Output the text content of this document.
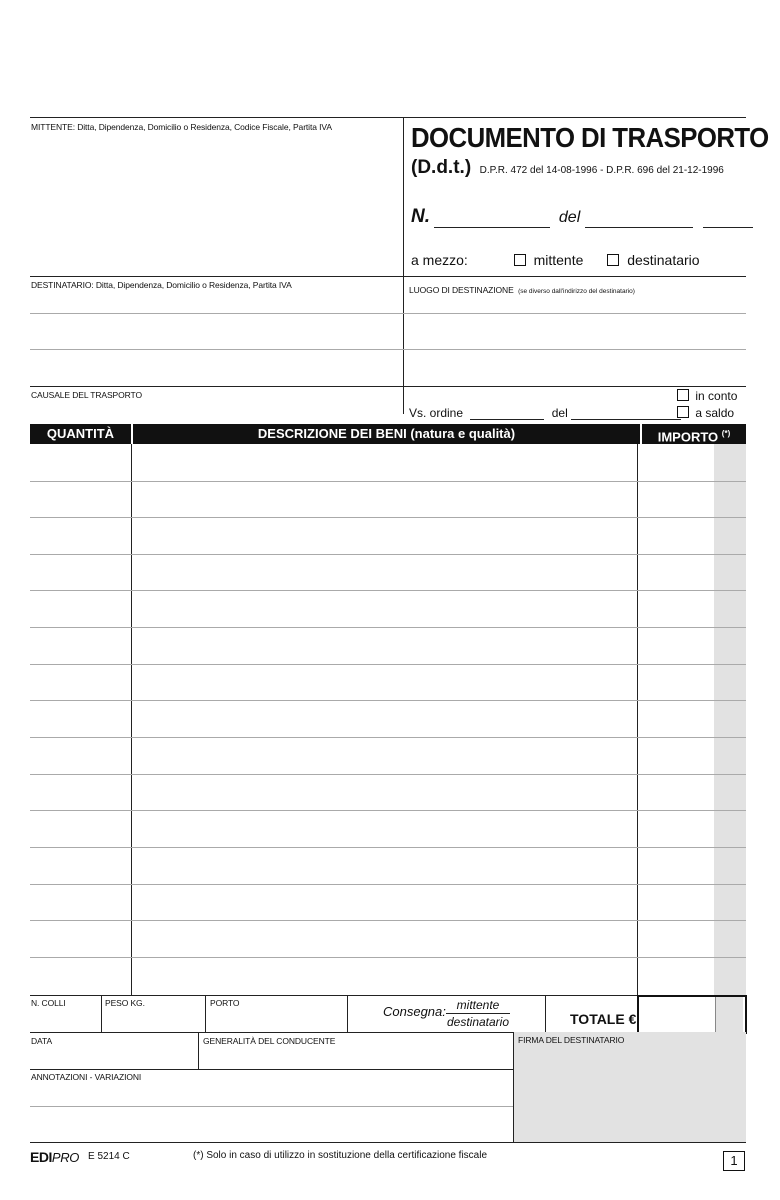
MITTENTE: Ditta, Dipendenza, Domicilio o Residenza, Codice Fiscale, Partita IVA	DOCUMENTO DI TRASPORTO
(D.d.t.) D.P.R. 472 del 14-08-1996 - D.P.R. 696 del 21-12-1996
N.	del
a mezzo:	mittente	destinatario
DESTINATARIO: Ditta, Dipendenza, Domicilio o Residenza, Partita IVA	LUOGO DI DESTINAZIONE (se diverso dall'indirizzo del destinatario)
CAUSALE DEL TRASPORTO	in conto
Vs. ordine	del	a saldo
QUANTITÀ	DESCRIZIONE DEI BENI (natura e qualità)	IMPORTO (*)
N. COLLI	PESO KG.	PORTO
Consegna: mittente
destinatario	TOTALE €
DATA	GENERALITÀ DEL CONDUCENTE	FIRMA DEL DESTINATARIO
ANNOTAZIONI - VARIAZIONI
EDIPRO E 5214 C	(*) Solo in caso di utilizzo in sostituzione della certificazione fiscale	1
